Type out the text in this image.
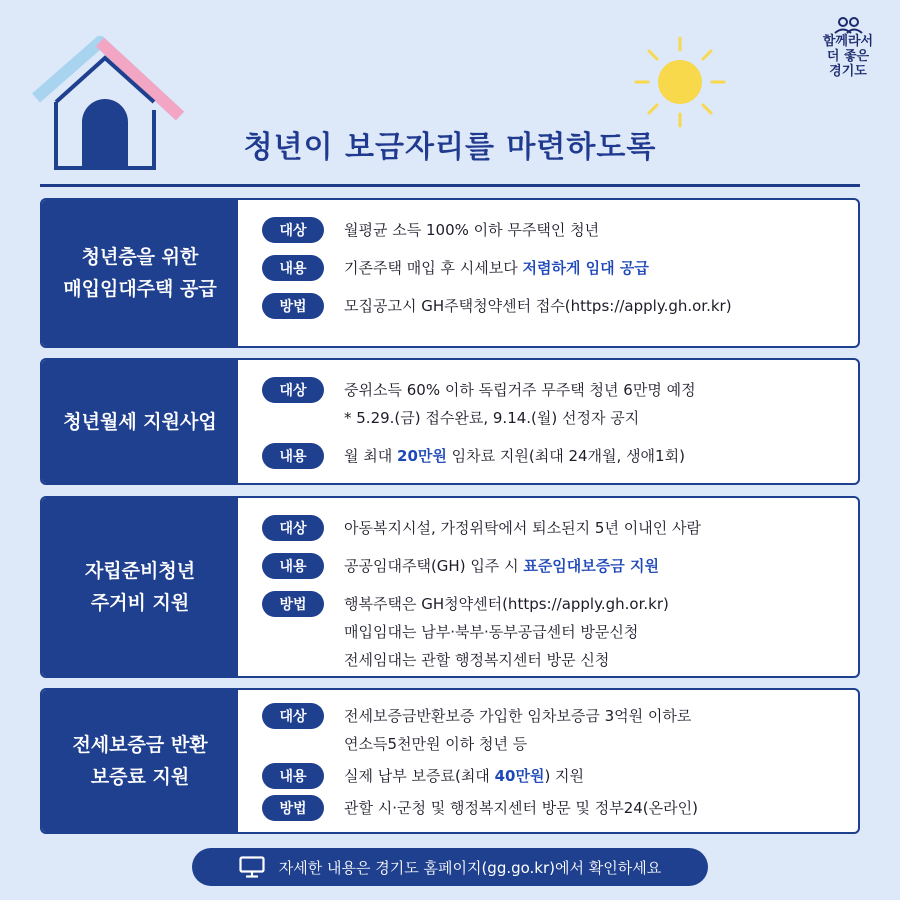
함께라서
더 좋은
경기도
청년이 보금자리를 마련하도록
청년층을 위한
매입임대주택 공급
대상	월평균 소득 100% 이하 무주택인 청년
내용	기존주택 매입 후 시세보다 저렴하게 임대 공급
방법	모집공고시 GH주택청약센터 접수(https://apply.gh.or.kr)
청년월세 지원사업
대상	중위소득 60% 이하 독립거주 무주택 청년 6만명 예정
* 5.29.(금) 접수완료, 9.14.(월) 선정자 공지
내용	월 최대 20만원 임차료 지원(최대 24개월, 생애1회)
자립준비청년
주거비 지원
대상	아동복지시설, 가정위탁에서 퇴소된지 5년 이내인 사람
내용	공공임대주택(GH) 입주 시 표준임대보증금 지원
방법	행복주택은 GH청약센터(https://apply.gh.or.kr)
매입임대는 남부·북부·동부공급센터 방문신청
전세임대는 관할 행정복지센터 방문 신청
전세보증금 반환
보증료 지원
대상	전세보증금반환보증 가입한 임차보증금 3억원 이하로
연소득5천만원 이하 청년 등
내용	실제 납부 보증료(최대 40만원) 지원
방법	관할 시·군청 및 행정복지센터 방문 및 정부24(온라인)
자세한 내용은 경기도 홈페이지(gg.go.kr)에서 확인하세요
